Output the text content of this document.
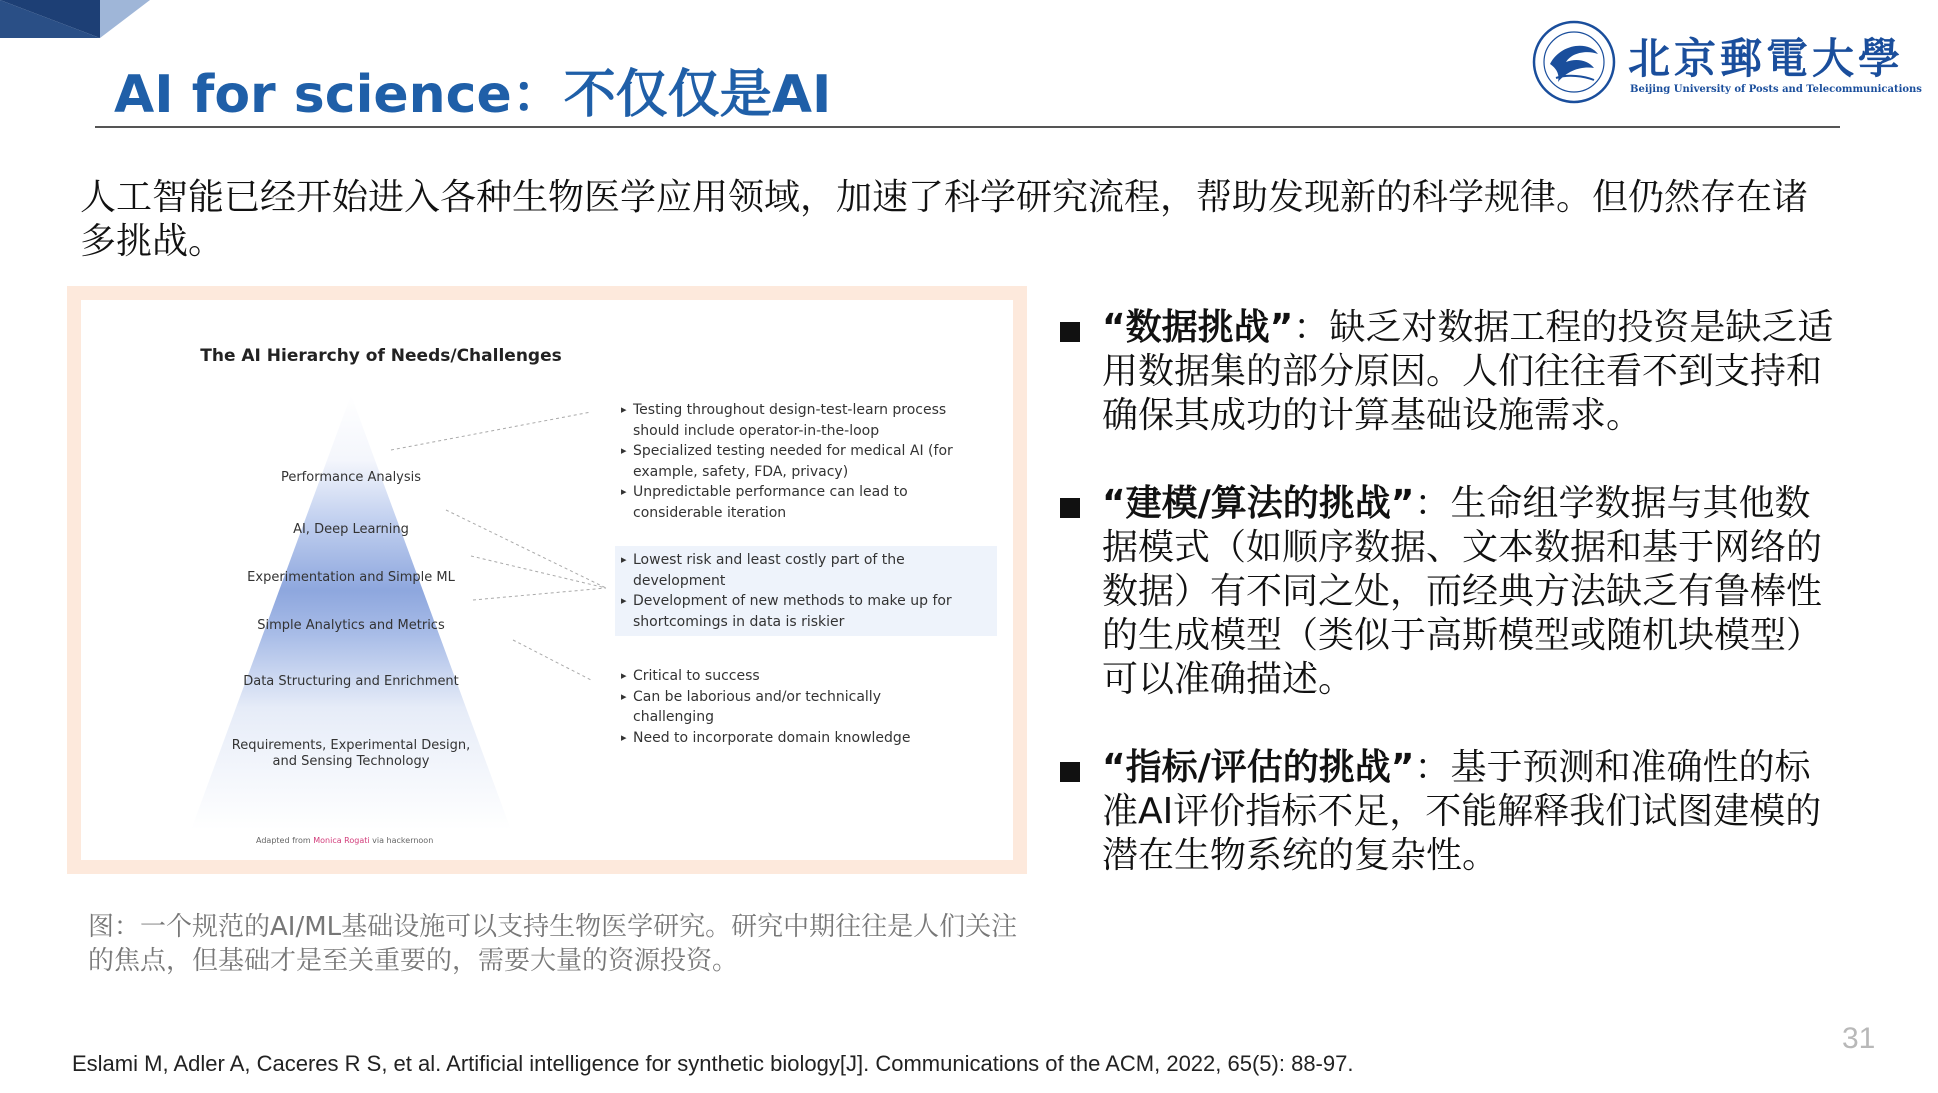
AI for science：不仅仅是AI
北京郵電大學
Beijing University of Posts and Telecommunications
人工智能已经开始进入各种生物医学应用领域，加速了科学研究流程，帮助发现新的科学规律。但仍然存在诸多挑战。
The AI Hierarchy of Needs/Challenges
Performance Analysis
AI, Deep Learning
Experimentation and Simple ML
Simple Analytics and Metrics
Data Structuring and Enrichment
Requirements, Experimental Design, and Sensing Technology
▸ Testing throughout design-test-learn process should include operator-in-the-loop
▸ Specialized testing needed for medical AI (for example, safety, FDA, privacy)
▸ Unpredictable performance can lead to considerable iteration
▸ Lowest risk and least costly part of the development
▸ Development of new methods to make up for shortcomings in data is riskier
▸ Critical to success
▸ Can be laborious and/or technically challenging
▸ Need to incorporate domain knowledge
Adapted from Monica Rogati via hackernoon
图：一个规范的AI/ML基础设施可以支持生物医学研究。研究中期往往是人们关注的焦点，但基础才是至关重要的，需要大量的资源投资。
“数据挑战”：缺乏对数据工程的投资是缺乏适用数据集的部分原因。人们往往看不到支持和确保其成功的计算基础设施需求。
“建模/算法的挑战”：生命组学数据与其他数据模式（如顺序数据、文本数据和基于网络的数据）有不同之处，而经典方法缺乏有鲁棒性的生成模型（类似于高斯模型或随机块模型）可以准确描述。
“指标/评估的挑战”：基于预测和准确性的标准AI评价指标不足，不能解释我们试图建模的潜在生物系统的复杂性。
31
Eslami M, Adler A, Caceres R S, et al. Artificial intelligence for synthetic biology[J]. Communications of the ACM, 2022, 65(5): 88-97.
